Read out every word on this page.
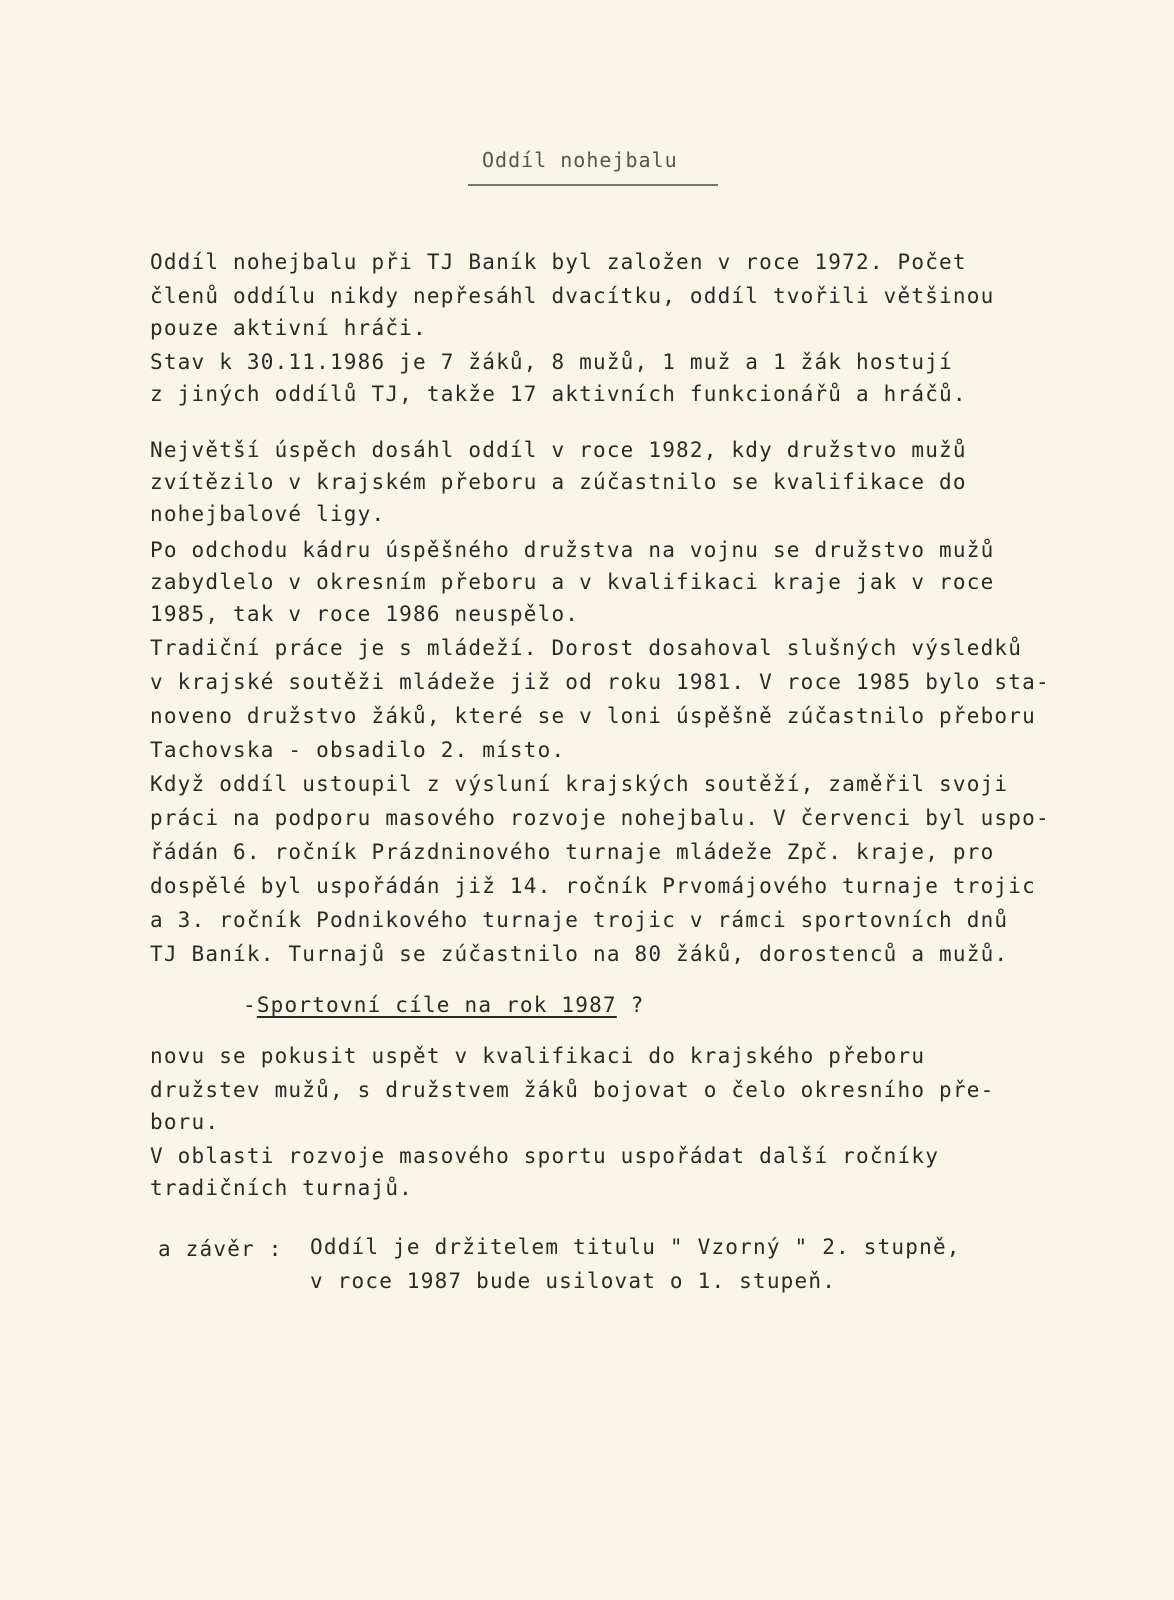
Oddíl nohejbalu
Oddíl nohejbalu při TJ Baník byl založen v roce 1972. Počet
členů oddílu nikdy nepřesáhl dvacítku, oddíl tvořili většinou
pouze aktivní hráči.
Stav k 30.11.1986 je 7 žáků, 8 mužů, 1 muž a 1 žák hostují
z jiných oddílů TJ, takže 17 aktivních funkcionářů a hráčů.
Největší úspěch dosáhl oddíl v roce 1982, kdy družstvo mužů
zvítězilo v krajském přeboru a zúčastnilo se kvalifikace do
nohejbalové ligy.
Po odchodu kádru úspěšného družstva na vojnu se družstvo mužů
zabydlelo v okresním přeboru a v kvalifikaci kraje jak v roce
1985, tak v roce 1986 neuspělo.
Tradiční práce je s mládeží. Dorost dosahoval slušných výsledků
v krajské soutěži mládeže již od roku 1981. V roce 1985 bylo sta-
noveno družstvo žáků, které se v loni úspěšně zúčastnilo přeboru
Tachovska - obsadilo 2. místo.
Když oddíl ustoupil z výsluní krajských soutěží, zaměřil svoji
práci na podporu masového rozvoje nohejbalu. V červenci byl uspo-
řádán 6. ročník Prázdninového turnaje mládeže Zpč. kraje, pro
dospělé byl uspořádán již 14. ročník Prvomájového turnaje trojic
a 3. ročník Podnikového turnaje trojic v rámci sportovních dnů
TJ Baník. Turnajů se zúčastnilo na 80 žáků, dorostenců a mužů.
-Sportovní cíle na rok 1987 ?
novu se pokusit uspět v kvalifikaci do krajského přeboru
družstev mužů, s družstvem žáků bojovat o čelo okresního pře-
boru.
V oblasti rozvoje masového sportu uspořádat další ročníky
tradičních turnajů.
a závěr : Oddíl je držitelem titulu " Vzorný " 2. stupně,
v roce 1987 bude usilovat o 1. stupeň.
